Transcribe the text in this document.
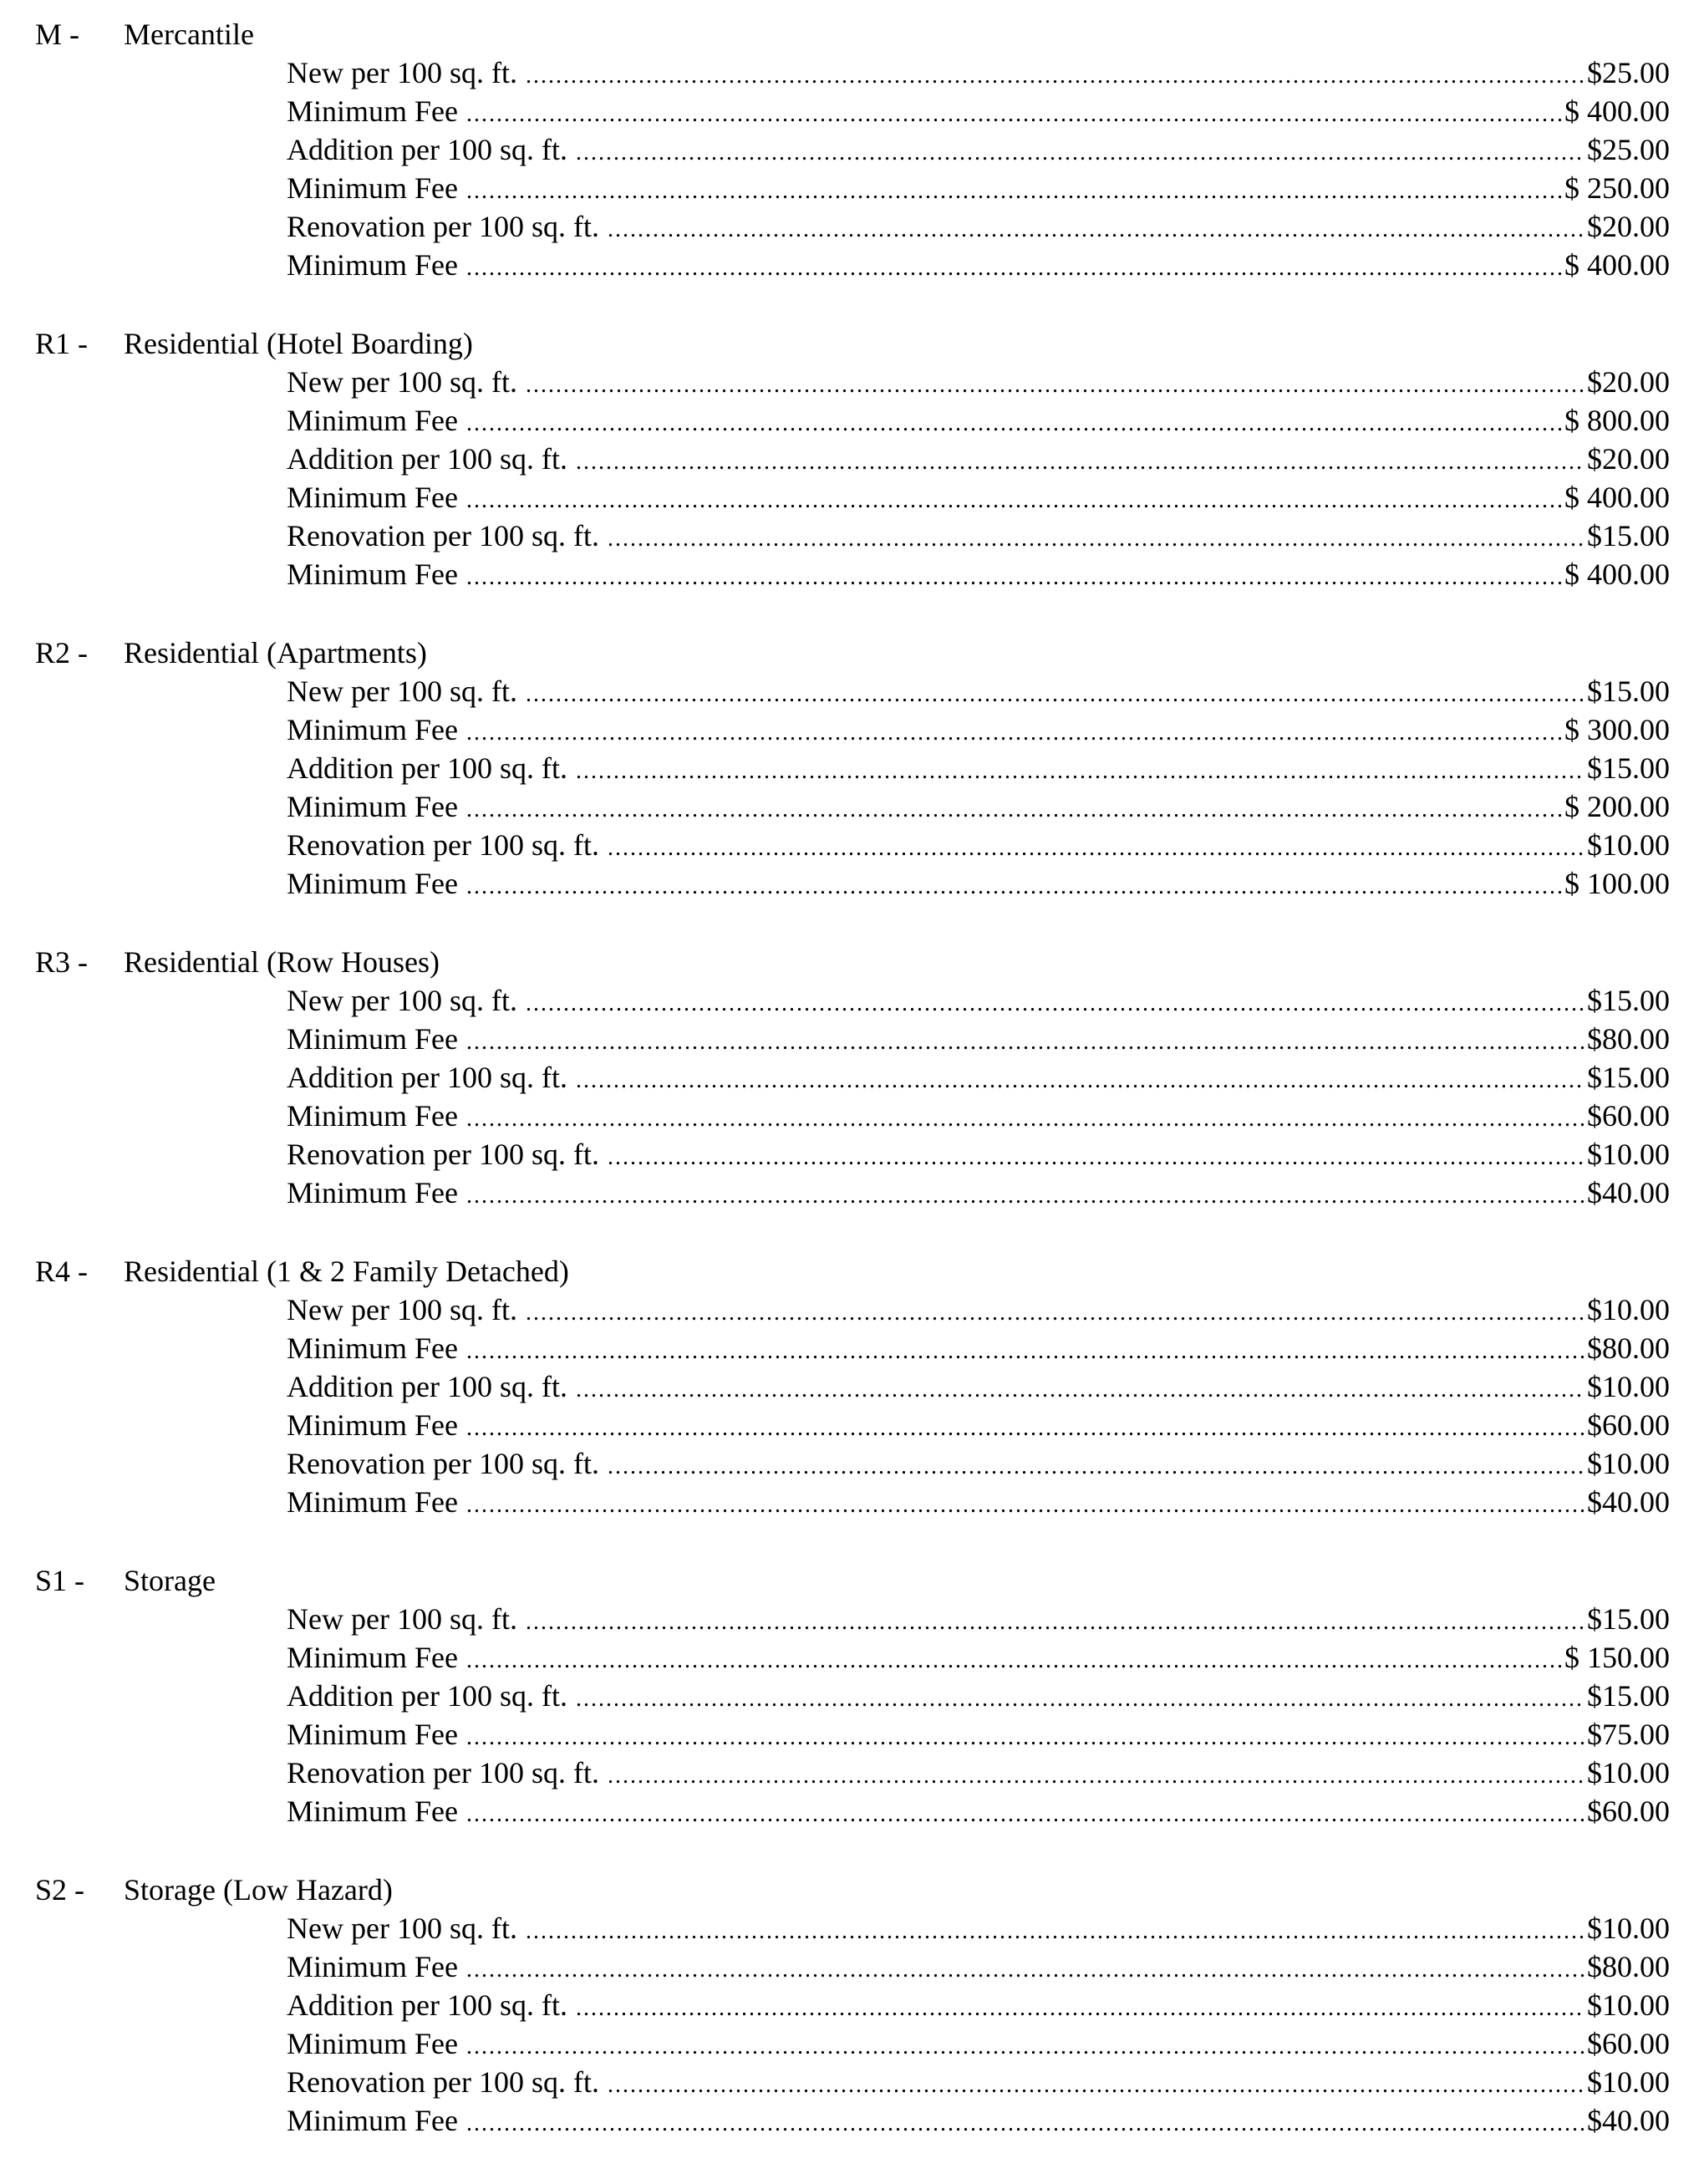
M -	Mercantile
New per 100 sq. ft. .....	$25.00
Minimum Fee .....	$ 400.00
Addition per 100 sq. ft. .....	$25.00
Minimum Fee .....	$ 250.00
Renovation per 100 sq. ft. .....	$20.00
Minimum Fee .....	$ 400.00
R1 -	Residential (Hotel Boarding)
New per 100 sq. ft. .....	$20.00
Minimum Fee .....	$ 800.00
Addition per 100 sq. ft. .....	$20.00
Minimum Fee .....	$ 400.00
Renovation per 100 sq. ft. .....	$15.00
Minimum Fee .....	$ 400.00
R2 -	Residential (Apartments)
New per 100 sq. ft. .....	$15.00
Minimum Fee .....	$ 300.00
Addition per 100 sq. ft. .....	$15.00
Minimum Fee .....	$ 200.00
Renovation per 100 sq. ft. .....	$10.00
Minimum Fee .....	$ 100.00
R3 -	Residential (Row Houses)
New per 100 sq. ft. .....	$15.00
Minimum Fee .....	$80.00
Addition per 100 sq. ft. .....	$15.00
Minimum Fee .....	$60.00
Renovation per 100 sq. ft. .....	$10.00
Minimum Fee .....	$40.00
R4 -	Residential (1 & 2 Family Detached)
New per 100 sq. ft. .....	$10.00
Minimum Fee .....	$80.00
Addition per 100 sq. ft. .....	$10.00
Minimum Fee .....	$60.00
Renovation per 100 sq. ft. .....	$10.00
Minimum Fee .....	$40.00
S1 -	Storage
New per 100 sq. ft. .....	$15.00
Minimum Fee .....	$ 150.00
Addition per 100 sq. ft. .....	$15.00
Minimum Fee .....	$75.00
Renovation per 100 sq. ft. .....	$10.00
Minimum Fee .....	$60.00
S2 -	Storage (Low Hazard)
New per 100 sq. ft. .....	$10.00
Minimum Fee .....	$80.00
Addition per 100 sq. ft. .....	$10.00
Minimum Fee .....	$60.00
Renovation per 100 sq. ft. .....	$10.00
Minimum Fee .....	$40.00
